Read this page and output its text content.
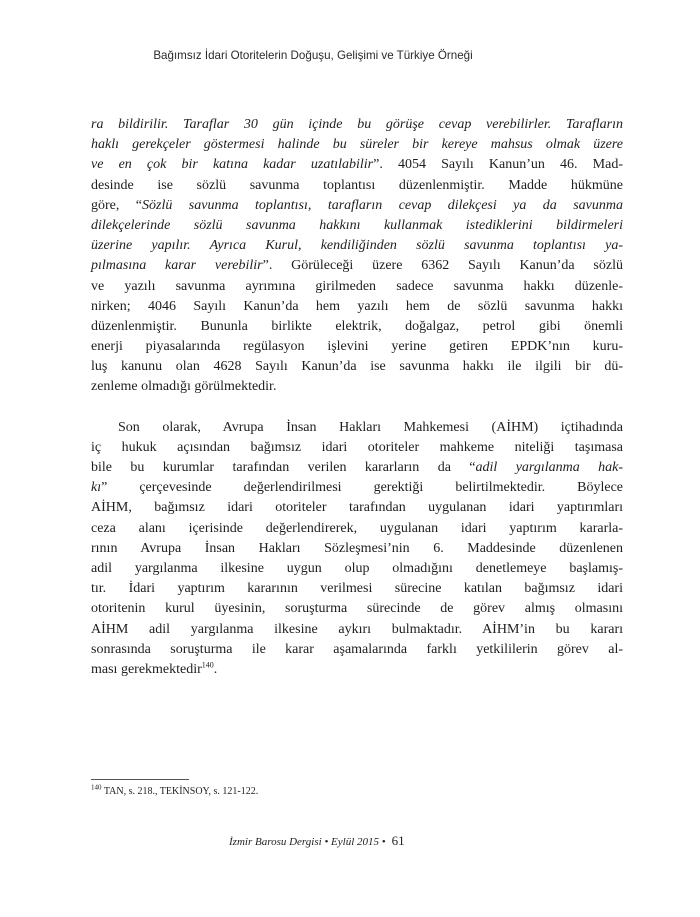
Bağımsız İdari Otoritelerin Doğuşu, Gelişimi ve Türkiye Örneği
ra bildirilir. Taraflar 30 gün içinde bu görüşe cevap verebilirler. Tarafların
haklı gerekçeler göstermesi halinde bu süreler bir kereye mahsus olmak üzere
ve en çok bir katına kadar uzatılabilir”. 4054 Sayılı Kanun’un 46. Mad-
desinde ise sözlü savunma toplantısı düzenlenmiştir. Madde hükmüne
göre, “Sözlü savunma toplantısı, tarafların cevap dilekçesi ya da savunma
dilekçelerinde sözlü savunma hakkını kullanmak istediklerini bildirmeleri
üzerine yapılır. Ayrıca Kurul, kendiliğinden sözlü savunma toplantısı ya-
pılmasına karar verebilir”. Görüleceği üzere 6362 Sayılı Kanun’da sözlü
ve yazılı savunma ayrımına girilmeden sadece savunma hakkı düzenle-
nirken; 4046 Sayılı Kanun’da hem yazılı hem de sözlü savunma hakkı
düzenlenmiştir. Bununla birlikte elektrik, doğalgaz, petrol gibi önemli
enerji piyasalarında regülasyon işlevini yerine getiren EPDK’nın kuru-
luş kanunu olan 4628 Sayılı Kanun’da ise savunma hakkı ile ilgili bir dü-
zenleme olmadığı görülmektedir.
Son olarak, Avrupa İnsan Hakları Mahkemesi (AİHM) içtihadında
iç hukuk açısından bağımsız idari otoriteler mahkeme niteliği taşımasa
bile bu kurumlar tarafından verilen kararların da “adil yargılanma hak-
kı” çerçevesinde değerlendirilmesi gerektiği belirtilmektedir. Böylece
AİHM, bağımsız idari otoriteler tarafından uygulanan idari yaptırımları
ceza alanı içerisinde değerlendirerek, uygulanan idari yaptırım kararla-
rının Avrupa İnsan Hakları Sözleşmesi’nin 6. Maddesinde düzenlenen
adil yargılanma ilkesine uygun olup olmadığını denetlemeye başlamış-
tır. İdari yaptırım kararının verilmesi sürecine katılan bağımsız idari
otoritenin kurul üyesinin, soruşturma sürecinde de görev almış olmasını
AİHM adil yargılanma ilkesine aykırı bulmaktadır. AİHM’in bu kararı
sonrasında soruşturma ile karar aşamalarında farklı yetkililerin görev al-
ması gerekmektedir$^{140}$.
$^{140}$ TAN, s. 218., TEKİNSOY, s. 121-122.
İzmir Barosu Dergisi • Eylül 2015 • 61
